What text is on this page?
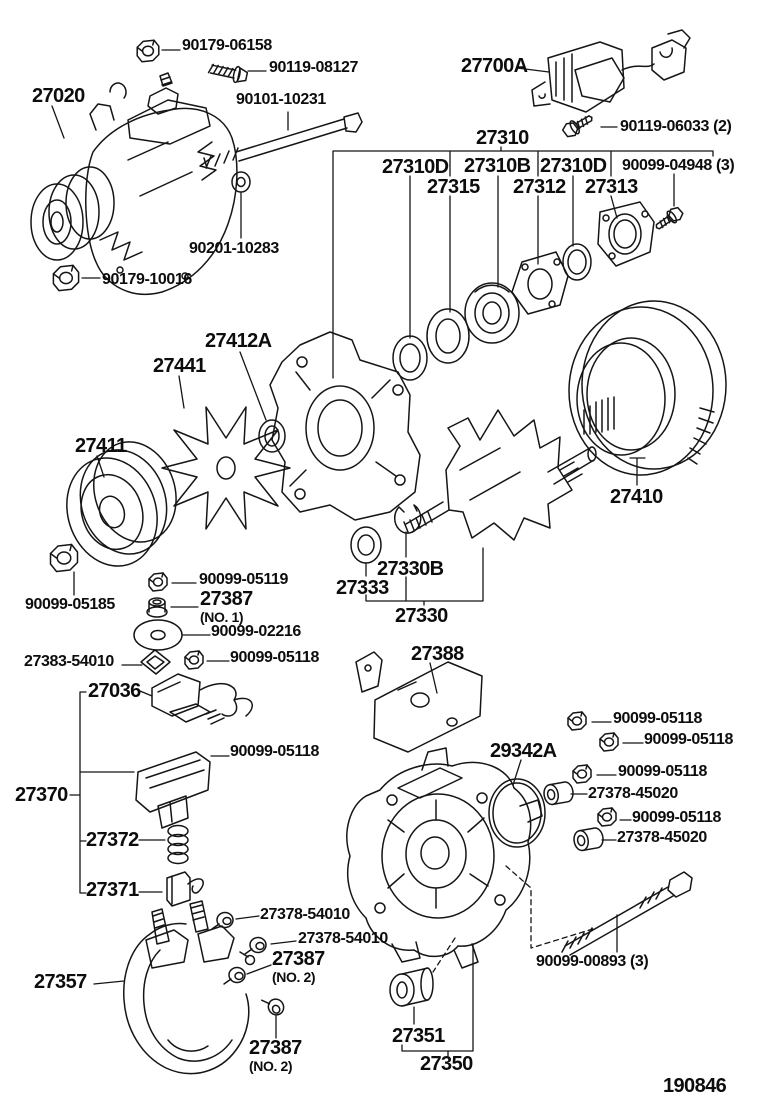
90179-06158
90119-08127
27020	90101-10231
27700A
90119-06033 (2)
27310
27310D 27310B 27310D 90099-04948 (3)
27315 27312 27313
90201-10283
90179-10016
27412A
27441
27411
27410
27330B
27333
90099-05119
27387
(NO. 1)
90099-05185
27330
90099-02216
27383-54010	90099-05118
27036
27388
90099-05118
90099-05118
29342A
90099-05118
27378-45020
90099-05118
27378-45020
90099-05118
27370
27372
27371
27378-54010
27378-54010
27387
(NO. 2)
27357
90099-00893 (3)
27351
27387
(NO. 2)	27350
190846
